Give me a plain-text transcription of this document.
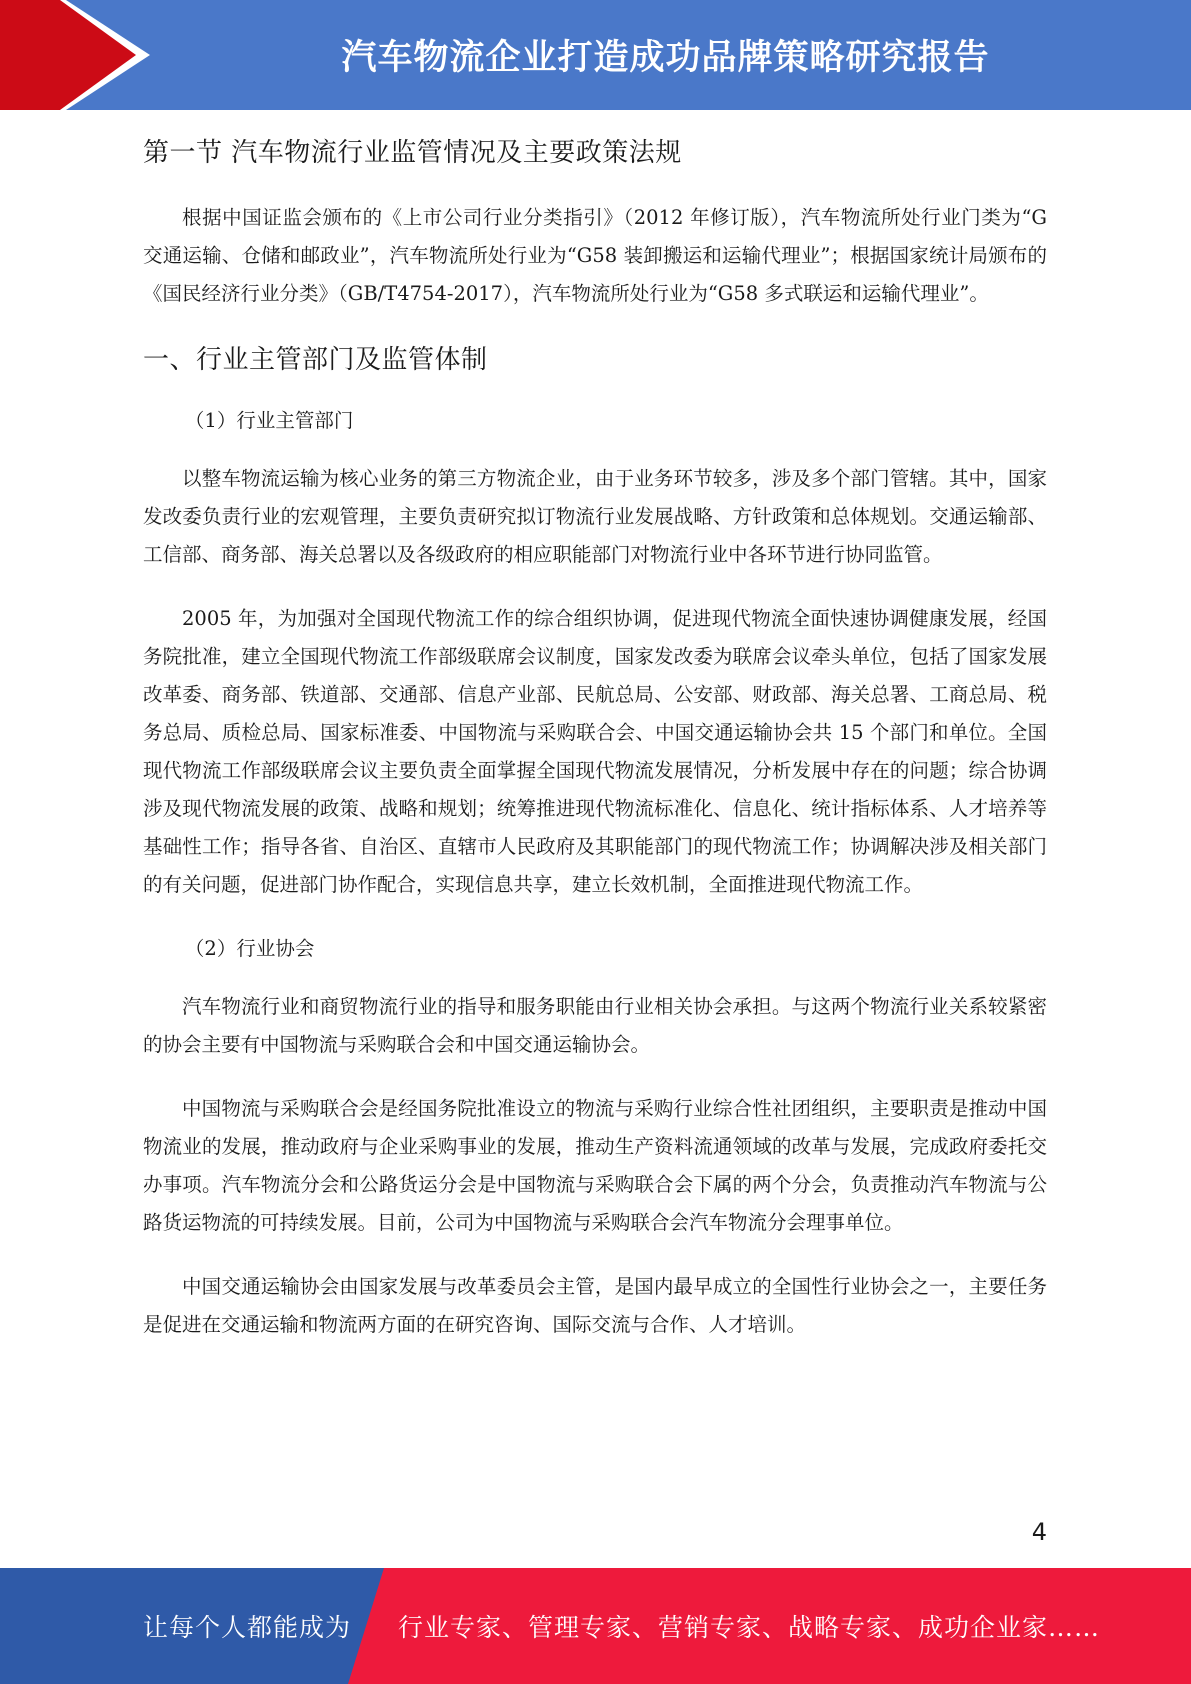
汽车物流企业打造成功品牌策略研究报告
第一节 汽车物流行业监管情况及主要政策法规

根据中国证监会颁布的《上市公司行业分类指引》（2012 年修订版），汽车物流所处行业门类为“G 交通运输、仓储和邮政业”，汽车物流所处行业为“G58 装卸搬运和运输代理业”；根据国家统计局颁布的《国民经济行业分类》（GB/T4754-2017），汽车物流所处行业为“G58 多式联运和运输代理业”。

一、行业主管部门及监管体制

（1）行业主管部门

以整车物流运输为核心业务的第三方物流企业，由于业务环节较多，涉及多个部门管辖。其中，国家发改委负责行业的宏观管理，主要负责研究拟订物流行业发展战略、方针政策和总体规划。交通运输部、工信部、商务部、海关总署以及各级政府的相应职能部门对物流行业中各环节进行协同监管。

2005 年，为加强对全国现代物流工作的综合组织协调，促进现代物流全面快速协调健康发展，经国务院批准，建立全国现代物流工作部级联席会议制度，国家发改委为联席会议牵头单位，包括了国家发展改革委、商务部、铁道部、交通部、信息产业部、民航总局、公安部、财政部、海关总署、工商总局、税务总局、质检总局、国家标准委、中国物流与采购联合会、中国交通运输协会共 15 个部门和单位。全国现代物流工作部级联席会议主要负责全面掌握全国现代物流发展情况，分析发展中存在的问题；综合协调涉及现代物流发展的政策、战略和规划；统筹推进现代物流标准化、信息化、统计指标体系、人才培养等基础性工作；指导各省、自治区、直辖市人民政府及其职能部门的现代物流工作；协调解决涉及相关部门的有关问题，促进部门协作配合，实现信息共享，建立长效机制，全面推进现代物流工作。

（2）行业协会

汽车物流行业和商贸物流行业的指导和服务职能由行业相关协会承担。与这两个物流行业关系较紧密的协会主要有中国物流与采购联合会和中国交通运输协会。

中国物流与采购联合会是经国务院批准设立的物流与采购行业综合性社团组织，主要职责是推动中国物流业的发展，推动政府与企业采购事业的发展，推动生产资料流通领域的改革与发展，完成政府委托交办事项。汽车物流分会和公路货运分会是中国物流与采购联合会下属的两个分会，负责推动汽车物流与公路货运物流的可持续发展。目前，公司为中国物流与采购联合会汽车物流分会理事单位。

中国交通运输协会由国家发展与改革委员会主管，是国内最早成立的全国性行业协会之一，主要任务是促进在交通运输和物流两方面的在研究咨询、国际交流与合作、人才培训。

4
让每个人都能成为 行业专家、管理专家、营销专家、战略专家、成功企业家……
